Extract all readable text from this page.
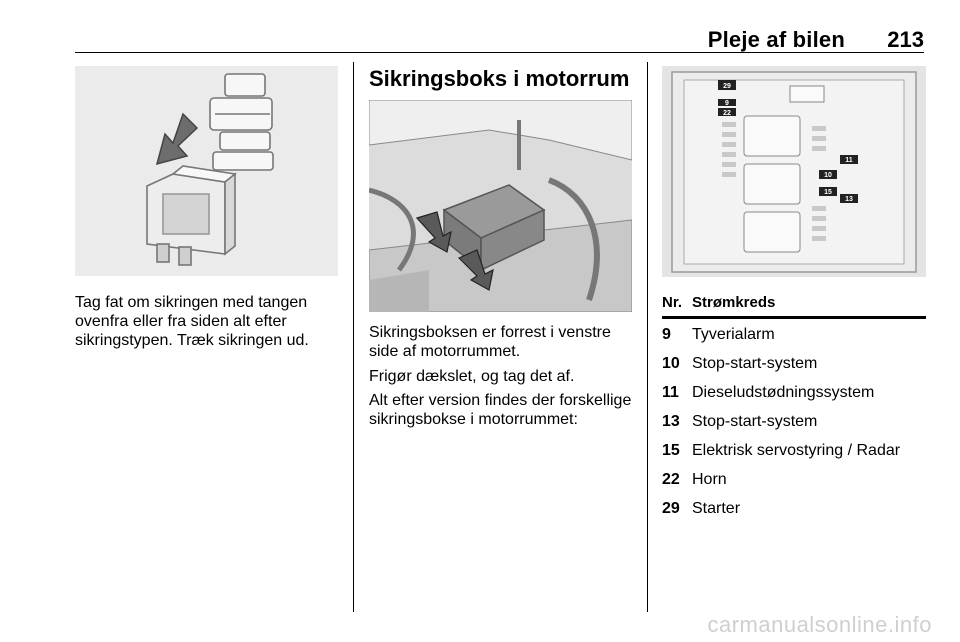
Pleje af bilen 213
Tag fat om sikringen med tangen ovenfra eller fra siden alt efter sikringstypen. Træk sikringen ud.
Sikringsboks i motorrum
Sikringsboksen er forrest i venstre side af motorrummet.
Frigør dækslet, og tag det af.
Alt efter version findes der forskellige sikringsbokse i motorrummet:
29
9
22
11
10
15
13
Nr. Strømkreds
9 Tyverialarm
10 Stop-start-system
11 Dieseludstødningssystem
13 Stop-start-system
15 Elektrisk servostyring / Radar
22 Horn
29 Starter
carmanualsonline.info
